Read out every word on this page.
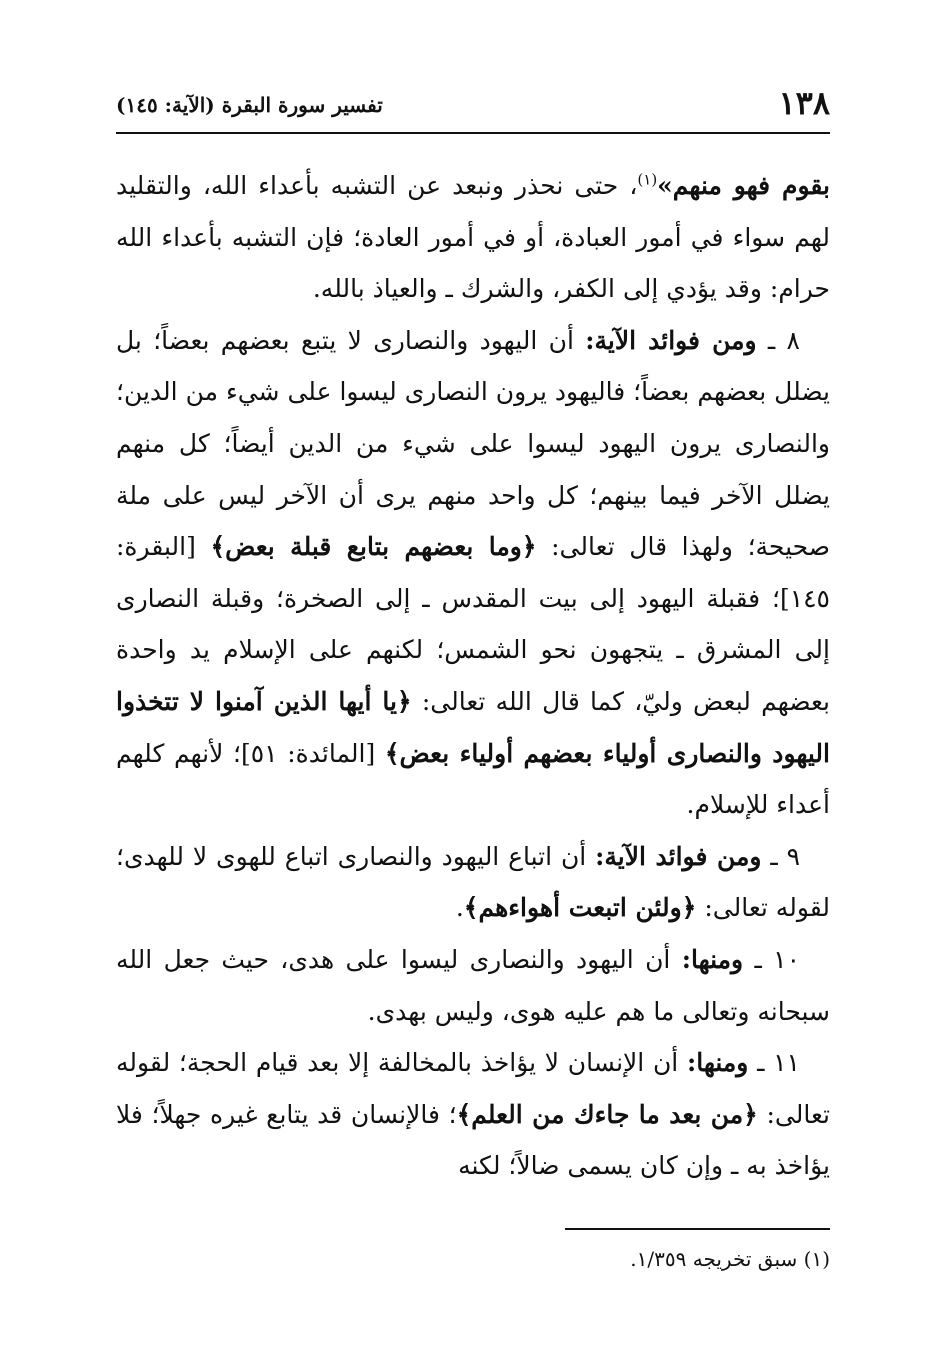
١٣٨
تفسير سورة البقرة (الآية: ١٤٥)

بقوم فهو منهم»$^{(١)}$، حتى نحذر ونبعد عن التشبه بأعداء الله، والتقليد لهم سواء في أمور العبادة، أو في أمور العادة؛ فإن التشبه بأعداء الله حرام: وقد يؤدي إلى الكفر، والشرك ـ والعياذ بالله.

٨ ـ ومن فوائد الآية: أن اليهود والنصارى لا يتبع بعضهم بعضاً؛ بل يضلل بعضهم بعضاً؛ فاليهود يرون النصارى ليسوا على شيء من الدين؛ والنصارى يرون اليهود ليسوا على شيء من الدين أيضاً؛ كل منهم يضلل الآخر فيما بينهم؛ كل واحد منهم يرى أن الآخر ليس على ملة صحيحة؛ ولهذا قال تعالى: ﴿وما بعضهم بتابع قبلة بعض﴾ [البقرة: ١٤٥]؛ فقبلة اليهود إلى بيت المقدس ـ إلى الصخرة؛ وقبلة النصارى إلى المشرق ـ يتجهون نحو الشمس؛ لكنهم على الإسلام يد واحدة بعضهم لبعض وليّ، كما قال الله تعالى: ﴿يا أيها الذين آمنوا لا تتخذوا اليهود والنصارى أولياء بعضهم أولياء بعض﴾ [المائدة: ٥١]؛ لأنهم كلهم أعداء للإسلام.

٩ ـ ومن فوائد الآية: أن اتباع اليهود والنصارى اتباع للهوى لا للهدى؛ لقوله تعالى: ﴿ولئن اتبعت أهواءهم﴾.

١٠ ـ ومنها: أن اليهود والنصارى ليسوا على هدى، حيث جعل الله سبحانه وتعالى ما هم عليه هوى، وليس بهدى.

١١ ـ ومنها: أن الإنسان لا يؤاخذ بالمخالفة إلا بعد قيام الحجة؛ لقوله تعالى: ﴿من بعد ما جاءك من العلم﴾؛ فالإنسان قد يتابع غيره جهلاً؛ فلا يؤاخذ به ـ وإن كان يسمى ضالاً؛ لكنه

(١) سبق تخريجه ١/٣٥٩.
